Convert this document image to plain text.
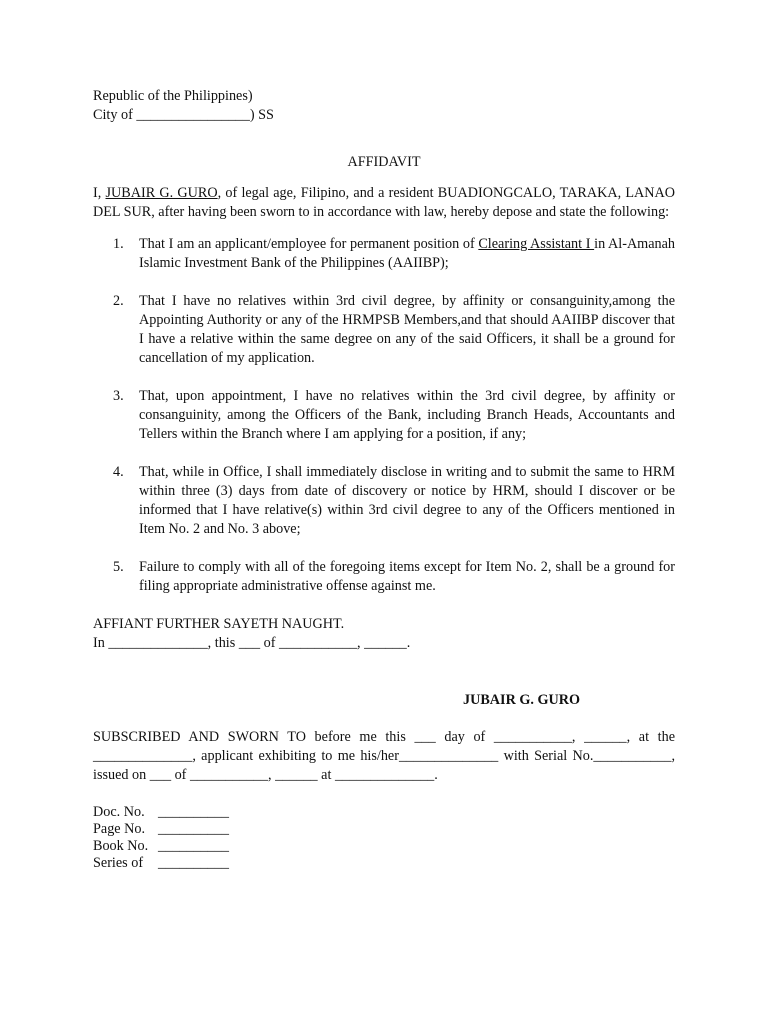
Republic of the Philippines)
City of ________________) SS
AFFIDAVIT
I, JUBAIR G. GURO, of legal age, Filipino, and a resident BUADIONGCALO, TARAKA, LANAO DEL SUR, after having been sworn to in accordance with law, hereby depose and state the following:
1.	That I am an applicant/employee for permanent position of Clearing Assistant I in Al-Amanah Islamic Investment Bank of the Philippines (AAIIBP);
2.	That I have no relatives within 3rd civil degree, by affinity or consanguinity,among the Appointing Authority or any of the HRMPSB Members,and that should AAIIBP discover that I have a relative within the same degree on any of the said Officers, it shall be a ground for cancellation of my application.
3.	That, upon appointment, I have no relatives within the 3rd civil degree, by affinity or consanguinity, among the Officers of the Bank, including Branch Heads, Accountants and Tellers within the Branch where I am applying for a position, if any;
4.	That, while in Office, I shall immediately disclose in writing and to submit the same to HRM within three (3) days from date of discovery or notice by HRM, should I discover or be informed that I have relative(s) within 3rd civil degree to any of the Officers mentioned in Item No. 2 and No. 3 above;
5.	Failure to comply with all of the foregoing items except for Item No. 2, shall be a ground for filing appropriate administrative offense against me.
AFFIANT FURTHER SAYETH NAUGHT.
In ______________, this ___ of ___________, ______.
JUBAIR G. GURO
SUBSCRIBED AND SWORN TO before me this ___ day of ___________, ______, at the ______________, applicant exhibiting to me his/her______________ with Serial No.___________, issued on ___ of ___________, ______ at ______________.
Doc. No. __________
Page No. __________
Book No. __________
Series of __________
